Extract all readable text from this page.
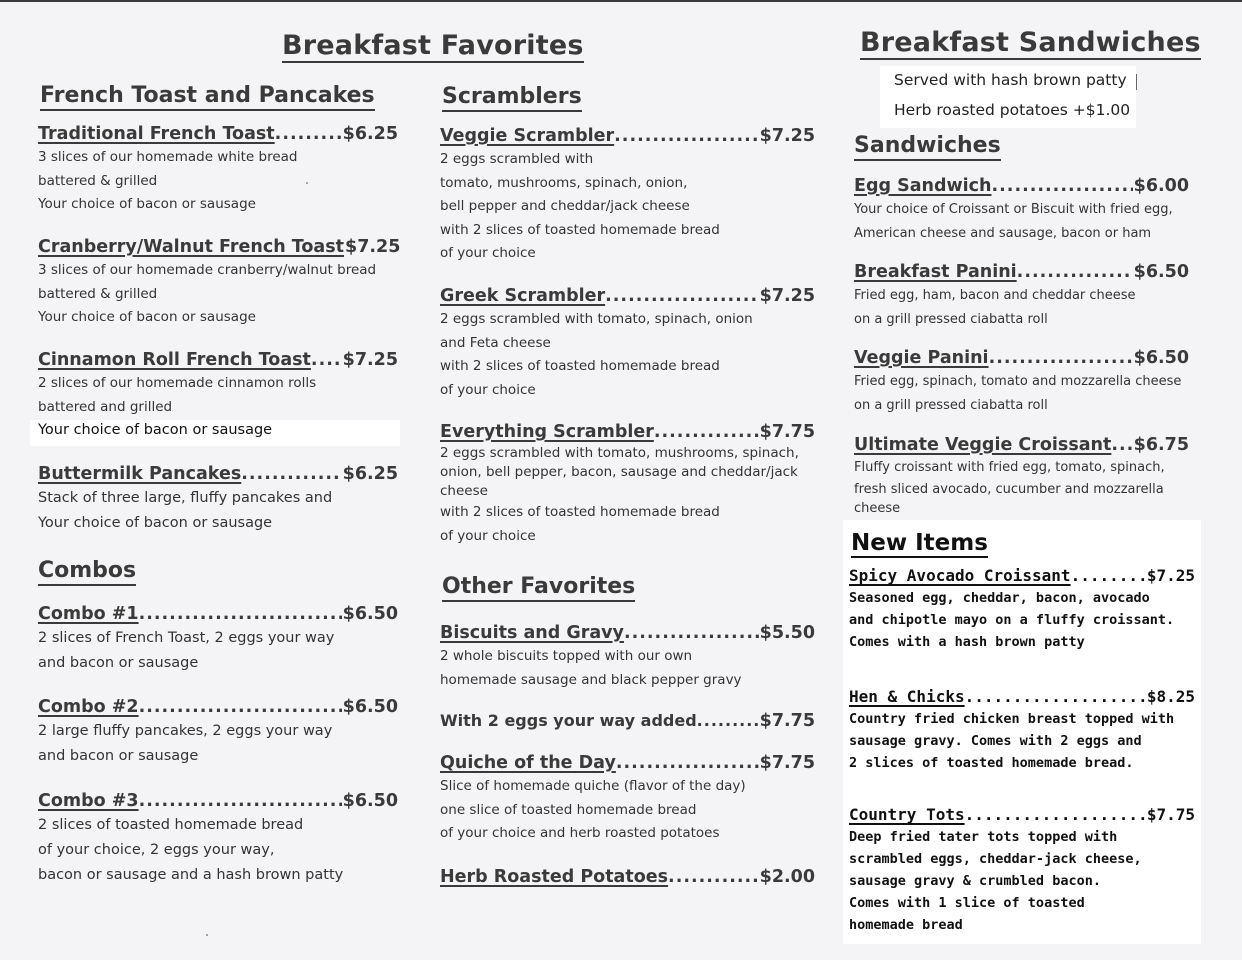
Breakfast Favorites	Breakfast Sandwiches
French Toast and Pancakes
Traditional French Toast .....	$6.25
3 slices of our homemade white bread
battered & grilled
Your choice of bacon or sausage
Cranberry/Walnut French Toast $7.25
3 slices of our homemade cranberry/walnut bread
battered & grilled
Your choice of bacon or sausage
Cinnamon Roll French Toast ..... $7.25
2 slices of our homemade cinnamon rolls
battered and grilled
Your choice of bacon or sausage
Buttermilk Pancakes .....	$6.25
Stack of three large, fluffy pancakes and
Your choice of bacon or sausage
Combos
Combo #1 .....	$6.50
2 slices of French Toast, 2 eggs your way
and bacon or sausage
Combo #2 .....	$6.50
2 large fluffy pancakes, 2 eggs your way
and bacon or sausage
Combo #3 .....	$6.50
2 slices of toasted homemade bread
of your choice, 2 eggs your way,
bacon or sausage and a hash brown patty
Scramblers
Veggie Scrambler .....	$7.25
2 eggs scrambled with
tomato, mushrooms, spinach, onion,
bell pepper and cheddar/jack cheese
with 2 slices of toasted homemade bread
of your choice
Greek Scrambler .....	$7.25
2 eggs scrambled with tomato, spinach, onion
and Feta cheese
with 2 slices of toasted homemade bread
of your choice
Everything Scrambler .....	$7.75
2 eggs scrambled with tomato, mushrooms, spinach,
onion, bell pepper, bacon, sausage and cheddar/jack
cheese
with 2 slices of toasted homemade bread
of your choice
Other Favorites
Biscuits and Gravy .....	$5.50
2 whole biscuits topped with our own
homemade sausage and black pepper gravy
With 2 eggs your way added .....	$7.75
Quiche of the Day .....	$7.75
Slice of homemade quiche (flavor of the day)
one slice of toasted homemade bread
of your choice and herb roasted potatoes
Herb Roasted Potatoes .....	$2.00
Served with hash brown patty
Herb roasted potatoes +$1.00
Sandwiches
Egg Sandwich .....	$6.00
Your choice of Croissant or Biscuit with fried egg,
American cheese and sausage, bacon or ham
Breakfast Panini .....	$6.50
Fried egg, ham, bacon and cheddar cheese
on a grill pressed ciabatta roll
Veggie Panini .....	$6.50
Fried egg, spinach, tomato and mozzarella cheese
on a grill pressed ciabatta roll
Ultimate Veggie Croissant ..... $6.75
Fluffy croissant with fried egg, tomato, spinach,
fresh sliced avocado, cucumber and mozzarella
cheese
New Items
Spicy Avocado Croissant .....	$7.25
Seasoned egg, cheddar, bacon, avocado
and chipotle mayo on a fluffy croissant.
Comes with a hash brown patty
Hen & Chicks .....	$8.25
Country fried chicken breast topped with
sausage gravy. Comes with 2 eggs and
2 slices of toasted homemade bread.
Country Tots .....	$7.75
Deep fried tater tots topped with
scrambled eggs, cheddar-jack cheese,
sausage gravy & crumbled bacon.
Comes with 1 slice of toasted
homemade bread
